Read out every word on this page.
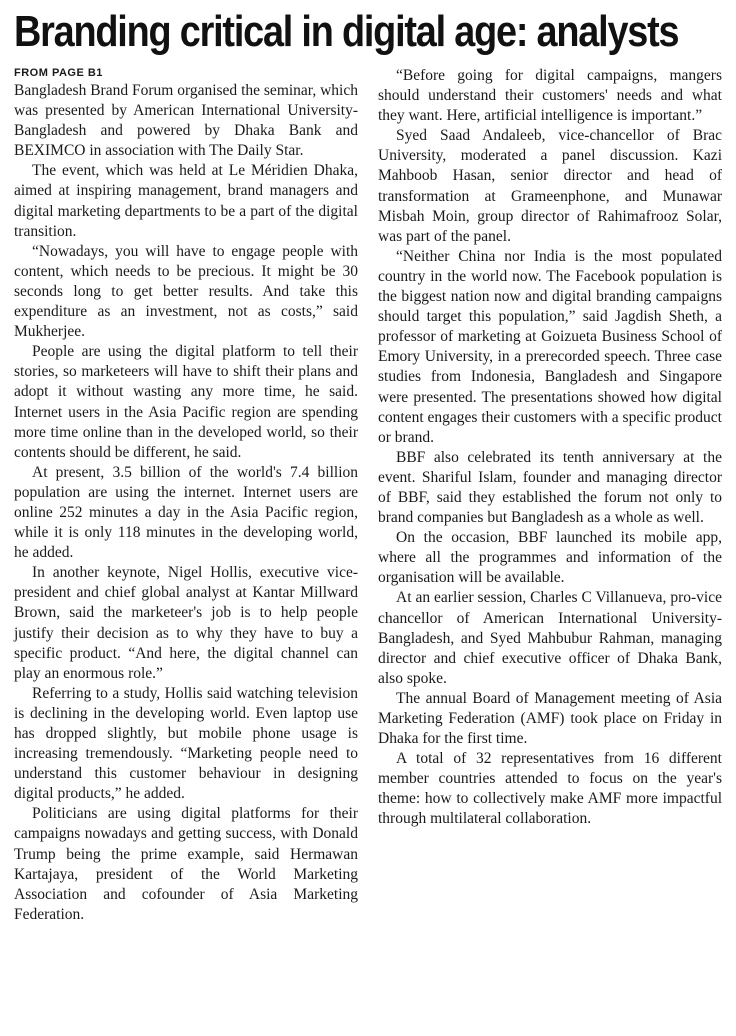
Branding critical in digital age: analysts
FROM PAGE B1

Bangladesh Brand Forum organised the seminar, which was presented by American International University-Bangladesh and powered by Dhaka Bank and BEXIMCO in association with The Daily Star.

The event, which was held at Le Méridien Dhaka, aimed at inspiring management, brand managers and digital marketing departments to be a part of the digital transition.

“Nowadays, you will have to engage people with content, which needs to be precious. It might be 30 seconds long to get better results. And take this expenditure as an investment, not as costs,” said Mukherjee.

People are using the digital platform to tell their stories, so marketeers will have to shift their plans and adopt it without wasting any more time, he said. Internet users in the Asia Pacific region are spending more time online than in the developed world, so their contents should be different, he said.

At present, 3.5 billion of the world's 7.4 billion population are using the internet. Internet users are online 252 minutes a day in the Asia Pacific region, while it is only 118 minutes in the developing world, he added.

In another keynote, Nigel Hollis, executive vice-president and chief global analyst at Kantar Millward Brown, said the marketeer's job is to help people justify their decision as to why they have to buy a specific product. “And here, the digital channel can play an enormous role.”

Referring to a study, Hollis said watching television is declining in the developing world. Even laptop use has dropped slightly, but mobile phone usage is increasing tremendously. “Marketing people need to understand this customer behaviour in designing digital products,” he added.

Politicians are using digital platforms for their campaigns nowadays and getting success, with Donald Trump being the prime example, said Hermawan Kartajaya, president of the World Marketing Association and cofounder of Asia Marketing Federation.

“Before going for digital campaigns, mangers should understand their customers' needs and what they want. Here, artificial intelligence is important.”

Syed Saad Andaleeb, vice-chancellor of Brac University, moderated a panel discussion. Kazi Mahboob Hasan, senior director and head of transformation at Grameenphone, and Munawar Misbah Moin, group director of Rahimafrooz Solar, was part of the panel.

“Neither China nor India is the most populated country in the world now. The Facebook population is the biggest nation now and digital branding campaigns should target this population,” said Jagdish Sheth, a professor of marketing at Goizueta Business School of Emory University, in a prerecorded speech. Three case studies from Indonesia, Bangladesh and Singapore were presented. The presentations showed how digital content engages their customers with a specific product or brand.

BBF also celebrated its tenth anniversary at the event. Shariful Islam, founder and managing director of BBF, said they established the forum not only to brand companies but Bangladesh as a whole as well.

On the occasion, BBF launched its mobile app, where all the programmes and information of the organisation will be available.

At an earlier session, Charles C Villanueva, pro-vice chancellor of American International University-Bangladesh, and Syed Mahbubur Rahman, managing director and chief executive officer of Dhaka Bank, also spoke.

The annual Board of Management meeting of Asia Marketing Federation (AMF) took place on Friday in Dhaka for the first time.

A total of 32 representatives from 16 different member countries attended to focus on the year's theme: how to collectively make AMF more impactful through multilateral collaboration.
